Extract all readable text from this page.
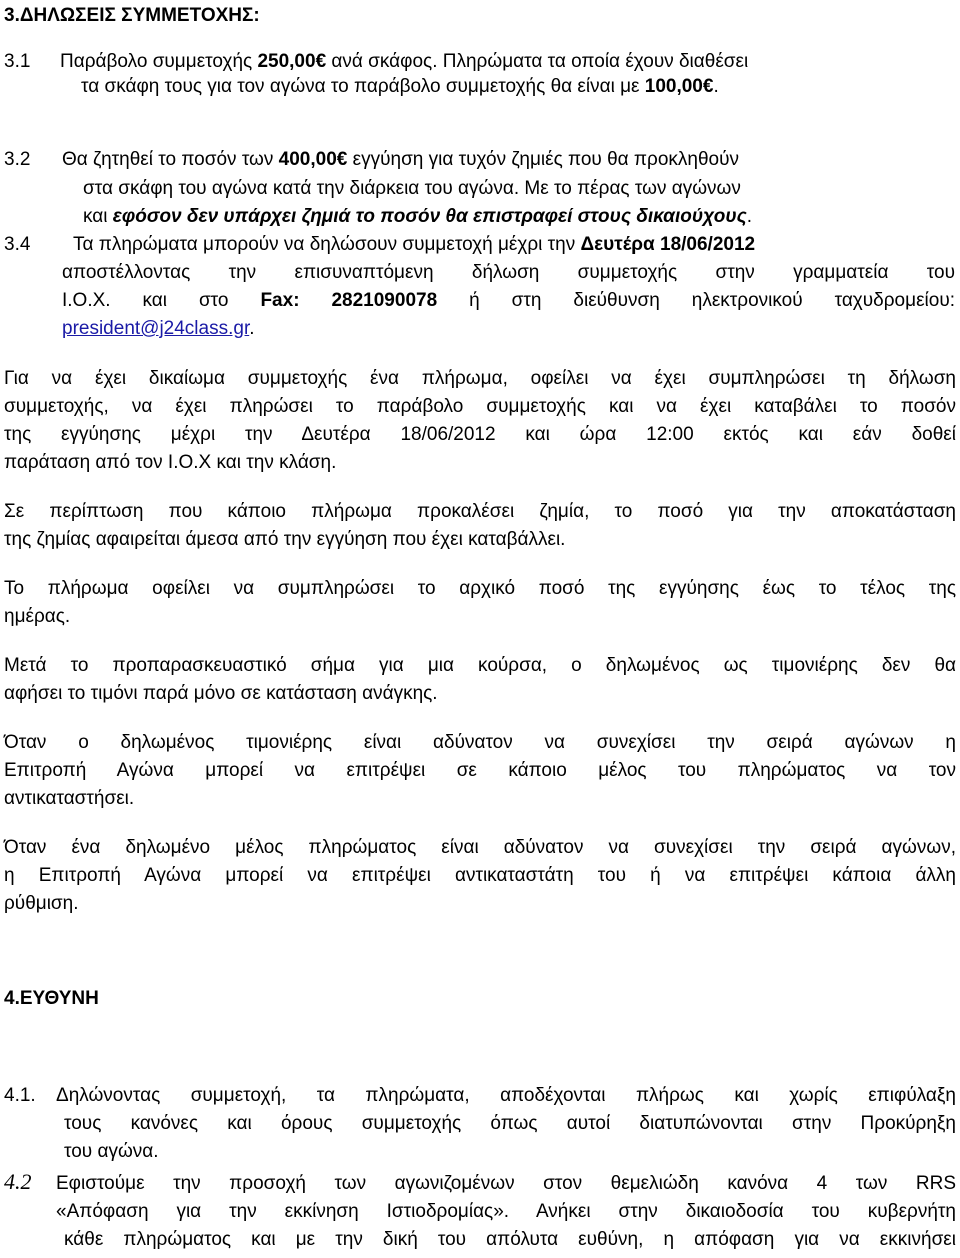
3.ΔΗΛΩΣΕΙΣ ΣΥΜΜΕΤΟΧΗΣ:
3.1 Παράβολο συμμετοχής 250,00€ ανά σκάφος. Πληρώματα τα οποία έχουν διαθέσει
τα σκάφη τους για τον αγώνα το παράβολο συμμετοχής θα είναι με 100,00€.
3.2 Θα ζητηθεί το ποσόν των 400,00€ εγγύηση για τυχόν ζημιές που θα προκληθούν
στα σκάφη του αγώνα κατά την διάρκεια του αγώνα. Με το πέρας των αγώνων
και εφόσον δεν υπάρχει ζημιά το ποσόν θα επιστραφεί στους δικαιούχους.
3.4 Τα πληρώματα μπορούν να δηλώσουν συμμετοχή μέχρι την Δευτέρα 18/06/2012
αποστέλλοντας την επισυναπτόμενη δήλωση συμμετοχής στην γραμματεία του
Ι.Ο.Χ. και στο Fax: 2821090078 ή στη διεύθυνση ηλεκτρονικού ταχυδρομείου:
president@j24class.gr.
Για να έχει δικαίωμα συμμετοχής ένα πλήρωμα, οφείλει να έχει συμπληρώσει τη δήλωση
συμμετοχής, να έχει πληρώσει το παράβολο συμμετοχής και να έχει καταβάλει το ποσόν
της εγγύησης μέχρι την Δευτέρα 18/06/2012 και ώρα 12:00 εκτός και εάν δοθεί
παράταση από τον Ι.Ο.Χ και την κλάση.
Σε περίπτωση που κάποιο πλήρωμα προκαλέσει ζημία, το ποσό για την αποκατάσταση
της ζημίας αφαιρείται άμεσα από την εγγύηση που έχει καταβάλλει.
Το πλήρωμα οφείλει να συμπληρώσει το αρχικό ποσό της εγγύησης έως το τέλος της
ημέρας.
Μετά το προπαρασκευαστικό σήμα για μια κούρσα, ο δηλωμένος ως τιμονιέρης δεν θα
αφήσει το τιμόνι παρά μόνο σε κατάσταση ανάγκης.
Όταν ο δηλωμένος τιμονιέρης είναι αδύνατον να συνεχίσει την σειρά αγώνων η
Επιτροπή Αγώνα μπορεί να επιτρέψει σε κάποιο μέλος του πληρώματος να τον
αντικαταστήσει.
Όταν ένα δηλωμένο μέλος πληρώματος είναι αδύνατον να συνεχίσει την σειρά αγώνων,
η Επιτροπή Αγώνα μπορεί να επιτρέψει αντικαταστάτη του ή να επιτρέψει κάποια άλλη
ρύθμιση.
4.ΕΥΘΥΝΗ
4.1. Δηλώνοντας συμμετοχή, τα πληρώματα, αποδέχονται πλήρως και χωρίς επιφύλαξη
τους κανόνες και όρους συμμετοχής όπως αυτοί διατυπώνονται στην Προκύρηξη
του αγώνα.
4.2 Εφιστούμε την προσοχή των αγωνιζομένων στον θεμελιώδη κανόνα 4 των RRS
«Απόφαση για την εκκίνηση Ιστιοδρομίας». Ανήκει στην δικαιοδοσία του κυβερνήτη
κάθε πληρώματος και με την δική του απόλυτα ευθύνη, η απόφαση για να εκκινήσει
